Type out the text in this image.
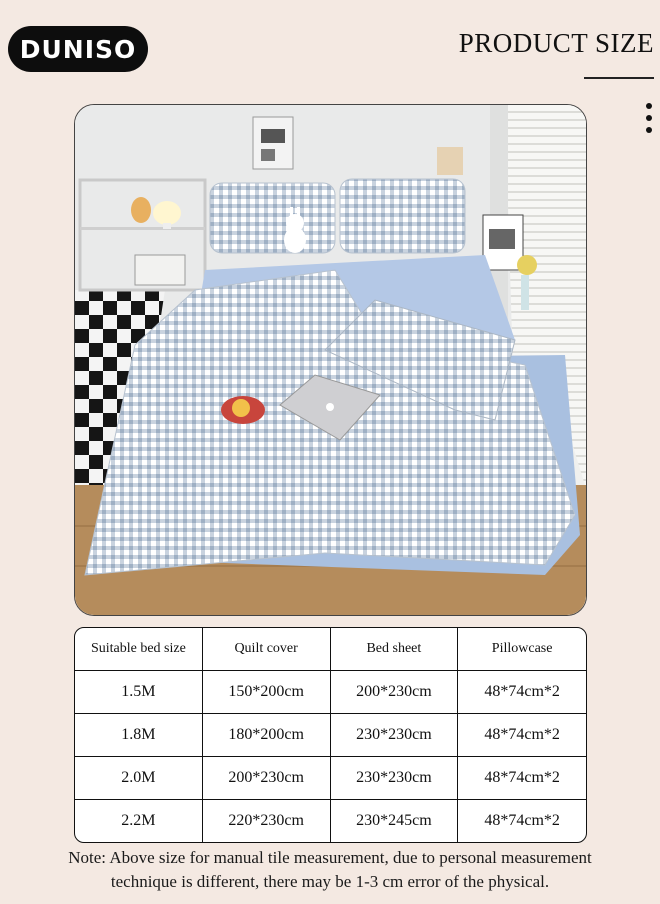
DUNISO	PRODUCT SIZE
Suitable bed size	Quilt cover	Bed sheet	Pillowcase
1.5M	150*200cm	200*230cm	48*74cm*2
1.8M	180*200cm	230*230cm	48*74cm*2
2.0M	200*230cm	230*230cm	48*74cm*2
2.2M	220*230cm	230*245cm	48*74cm*2
Note: Above size for manual tile measurement, due to personal measurement
technique is different, there may be 1-3 cm error of the physical.
